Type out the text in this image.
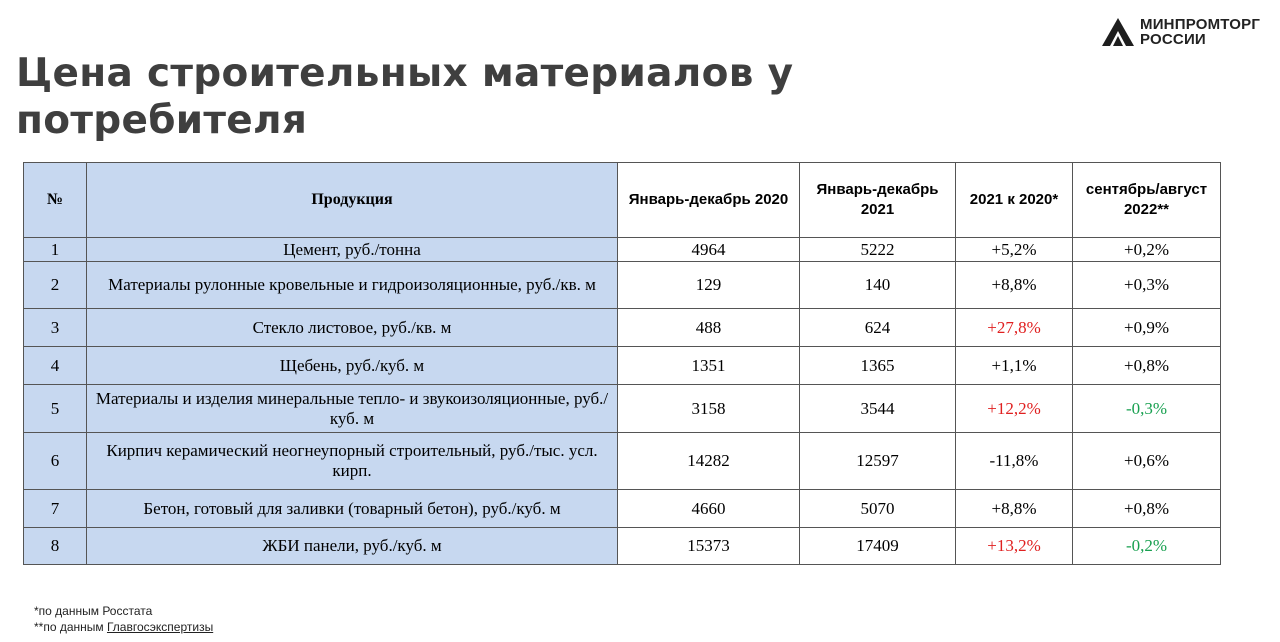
МИНПРОМТОРГ
РОССИИ
Цена строительных материалов у потребителя
№	Продукция	Январь-декабрь 2020	Январь-декабрь 2021	2021 к 2020*	сентябрь/август 2022**
1	Цемент, руб./тонна	4964	5222	+5,2%	+0,2%
2	Материалы рулонные кровельные и гидроизоляционные, руб./кв. м	129	140	+8,8%	+0,3%
3	Стекло листовое, руб./кв. м	488	624	+27,8%	+0,9%
4	Щебень, руб./куб. м	1351	1365	+1,1%	+0,8%
5	Материалы и изделия минеральные тепло- и звукоизоляционные, руб./куб. м	3158	3544	+12,2%	-0,3%
6	Кирпич керамический неогнеупорный строительный, руб./тыс. усл. кирп.	14282	12597	-11,8%	+0,6%
7	Бетон, готовый для заливки (товарный бетон), руб./куб. м	4660	5070	+8,8%	+0,8%
8	ЖБИ панели, руб./куб. м	15373	17409	+13,2%	-0,2%
*по данным Росстата
**по данным Главгосэкспертизы
